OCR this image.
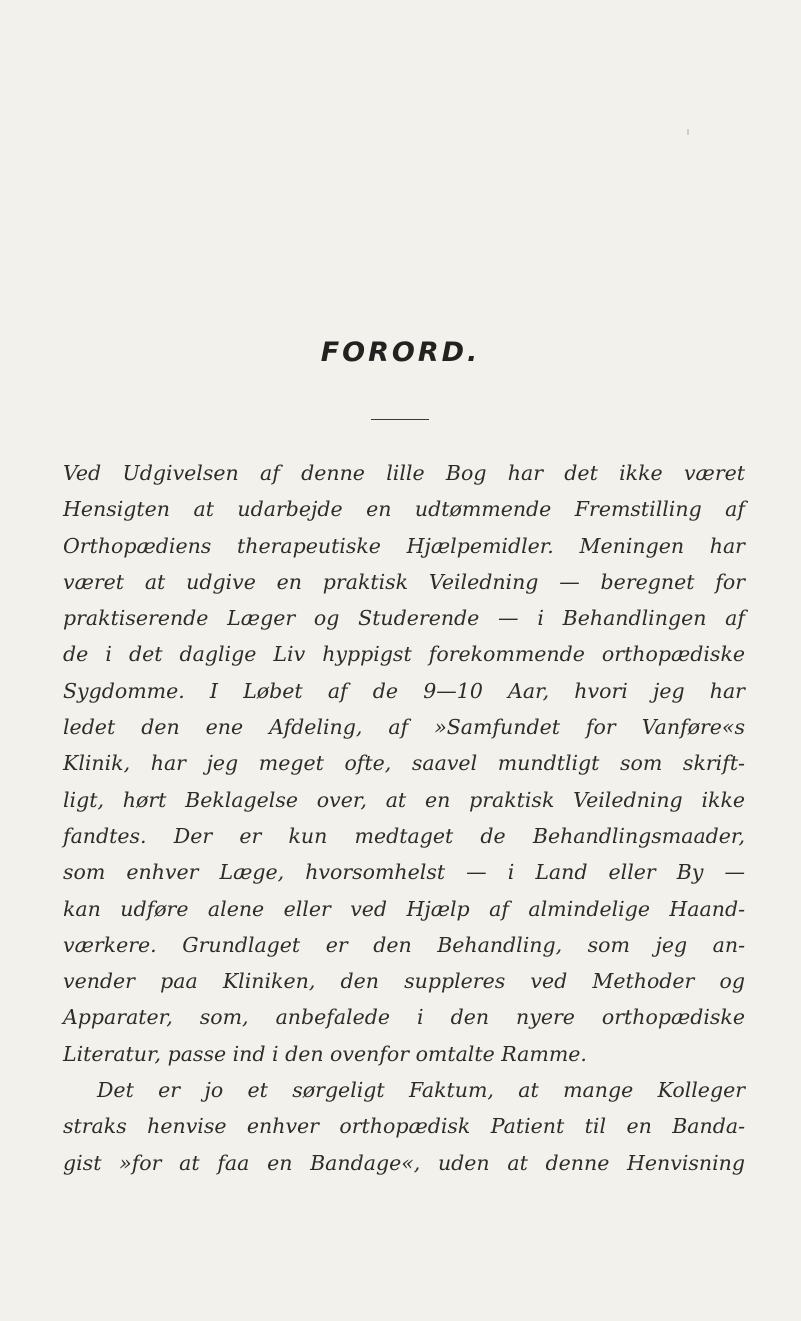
FORORD.
Ved Udgivelsen af denne lille Bog har det ikke været
Hensigten at udarbejde en udtømmende Fremstilling af
Orthopædiens therapeutiske Hjælpemidler. Meningen har
været at udgive en praktisk Veiledning — beregnet for
praktiserende Læger og Studerende — i Behandlingen af
de i det daglige Liv hyppigst forekommende orthopædiske
Sygdomme. I Løbet af de 9—10 Aar, hvori jeg har
ledet den ene Afdeling, af »Samfundet for Vanføre«s
Klinik, har jeg meget ofte, saavel mundtligt som skrift-
ligt, hørt Beklagelse over, at en praktisk Veiledning ikke
fandtes. Der er kun medtaget de Behandlingsmaader,
som enhver Læge, hvorsomhelst — i Land eller By —
kan udføre alene eller ved Hjælp af almindelige Haand-
værkere. Grundlaget er den Behandling, som jeg an-
vender paa Kliniken, den suppleres ved Methoder og
Apparater, som, anbefalede i den nyere orthopædiske
Literatur, passe ind i den ovenfor omtalte Ramme.
Det er jo et sørgeligt Faktum, at mange Kolleger
straks henvise enhver orthopædisk Patient til en Banda-
gist »for at faa en Bandage«, uden at denne Henvisning
